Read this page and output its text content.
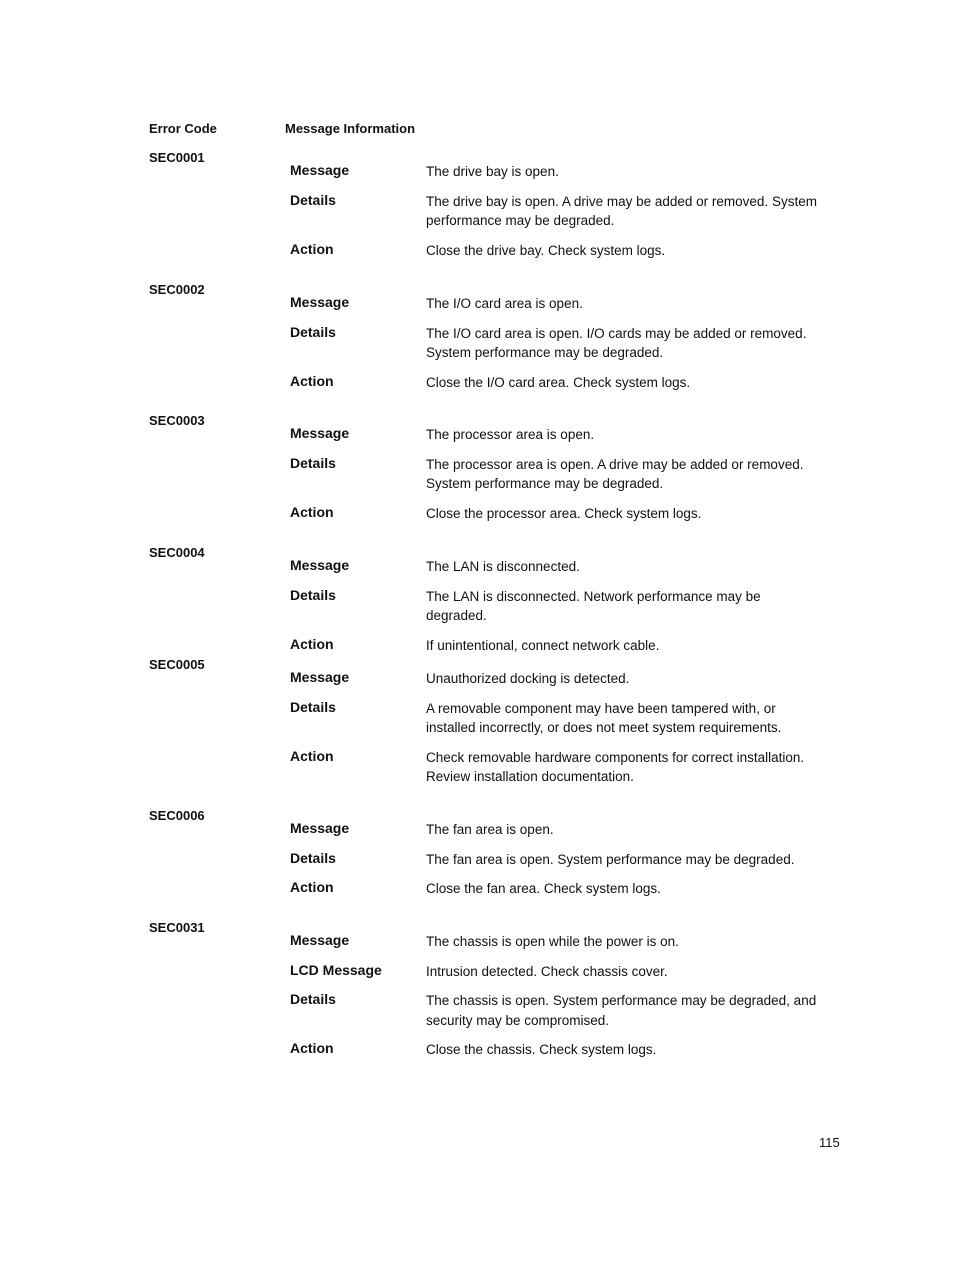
Error Code	Message Information
SEC0001
Message	The drive bay is open.
Details	The drive bay is open. A drive may be added or removed. System performance may be degraded.
Action	Close the drive bay. Check system logs.
SEC0002
Message	The I/O card area is open.
Details	The I/O card area is open. I/O cards may be added or removed. System performance may be degraded.
Action	Close the I/O card area. Check system logs.
SEC0003
Message	The processor area is open.
Details	The processor area is open. A drive may be added or removed. System performance may be degraded.
Action	Close the processor area. Check system logs.
SEC0004
Message	The LAN is disconnected.
Details	The LAN is disconnected. Network performance may be degraded.
Action	If unintentional, connect network cable.
SEC0005
Message	Unauthorized docking is detected.
Details	A removable component may have been tampered with, or installed incorrectly, or does not meet system requirements.
Action	Check removable hardware components for correct installation. Review installation documentation.
SEC0006
Message	The fan area is open.
Details	The fan area is open. System performance may be degraded.
Action	Close the fan area. Check system logs.
SEC0031
Message	The chassis is open while the power is on.
LCD Message	Intrusion detected. Check chassis cover.
Details	The chassis is open. System performance may be degraded, and security may be compromised.
Action	Close the chassis. Check system logs.
115
